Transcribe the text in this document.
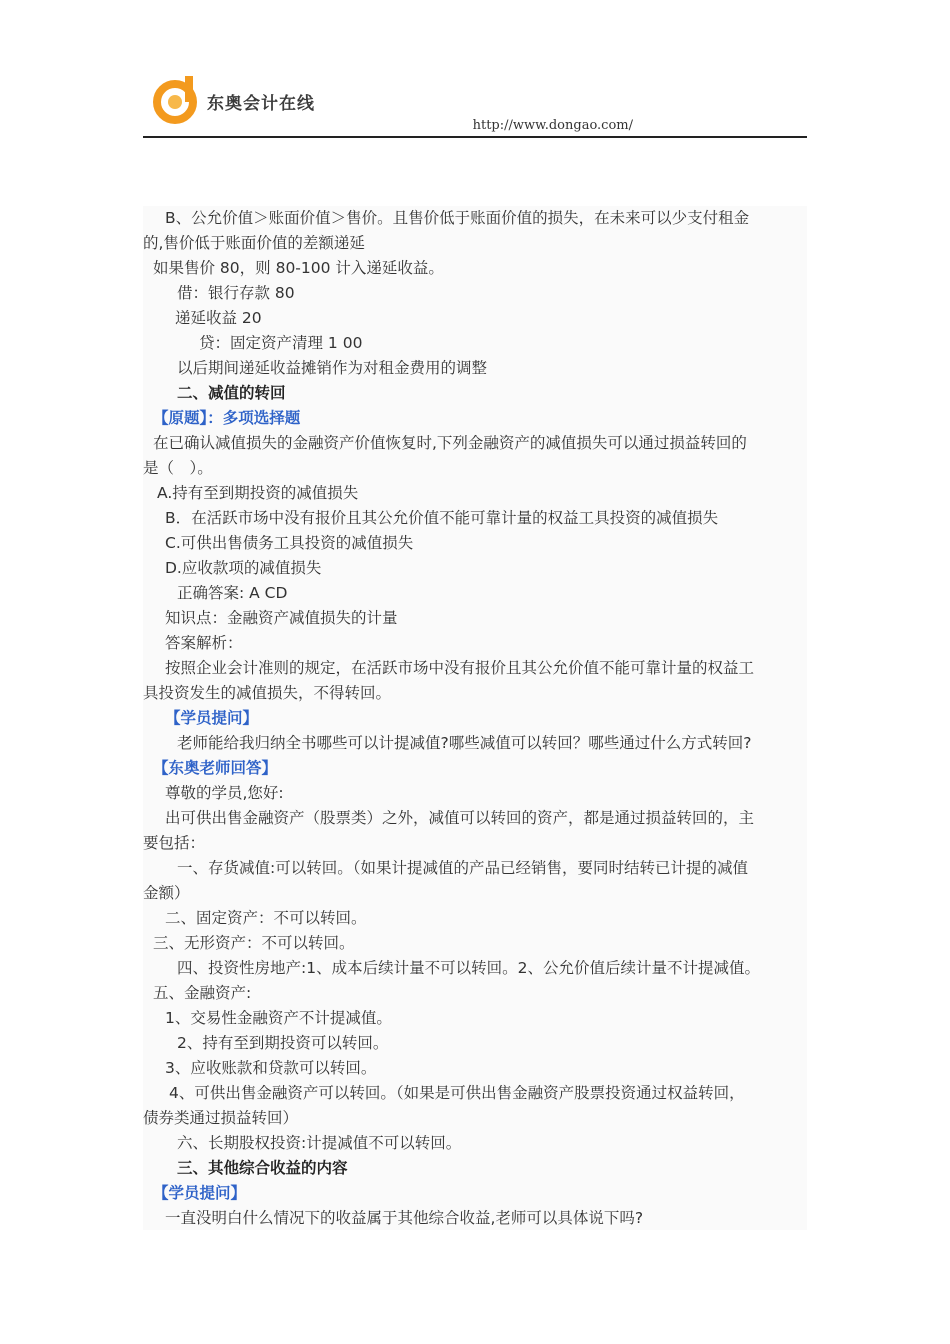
东奥会计在线
http://www.dongao.com/
B、公允价值＞账面价值＞售价。且售价低于账面价值的损失，在未来可以少支付租金
的,售价低于账面价值的差额递延
如果售价 80，则 80-100 计入递延收益。
借：银行存款 80
递延收益 20
贷：固定资产清理 1 00
以后期间递延收益摊销作为对租金费用的调整
二、减值的转回
【原题】：多项选择题
在已确认减值损失的金融资产价值恢复时,下列金融资产的减值损失可以通过损益转回的
是（　）。
A.持有至到期投资的减值损失
B．在活跃市场中没有报价且其公允价值不能可靠计量的权益工具投资的减值损失
C.可供出售债务工具投资的减值损失
D.应收款项的减值损失
正确答案: A CD
知识点：金融资产减值损失的计量
答案解析：
按照企业会计准则的规定，在活跃市场中没有报价且其公允价值不能可靠计量的权益工
具投资发生的减值损失，不得转回。
【学员提问】
老师能给我归纳全书哪些可以计提减值?哪些减值可以转回？哪些通过什么方式转回?
【东奥老师回答】
尊敬的学员,您好:
出可供出售金融资产（股票类）之外，减值可以转回的资产，都是通过损益转回的，主
要包括：
一、存货减值:可以转回。（如果计提减值的产品已经销售，要同时结转已计提的减值
金额）
二、固定资产：不可以转回。
三、无形资产：不可以转回。
四、投资性房地产:1、成本后续计量不可以转回。2、公允价值后续计量不计提减值。
五、金融资产:
1、交易性金融资产不计提减值。
2、持有至到期投资可以转回。
3、应收账款和贷款可以转回。
4、可供出售金融资产可以转回。（如果是可供出售金融资产股票投资通过权益转回，
债券类通过损益转回）
六、长期股权投资:计提减值不可以转回。
三、其他综合收益的内容
【学员提问】
一直没明白什么情况下的收益属于其他综合收益,老师可以具体说下吗?
